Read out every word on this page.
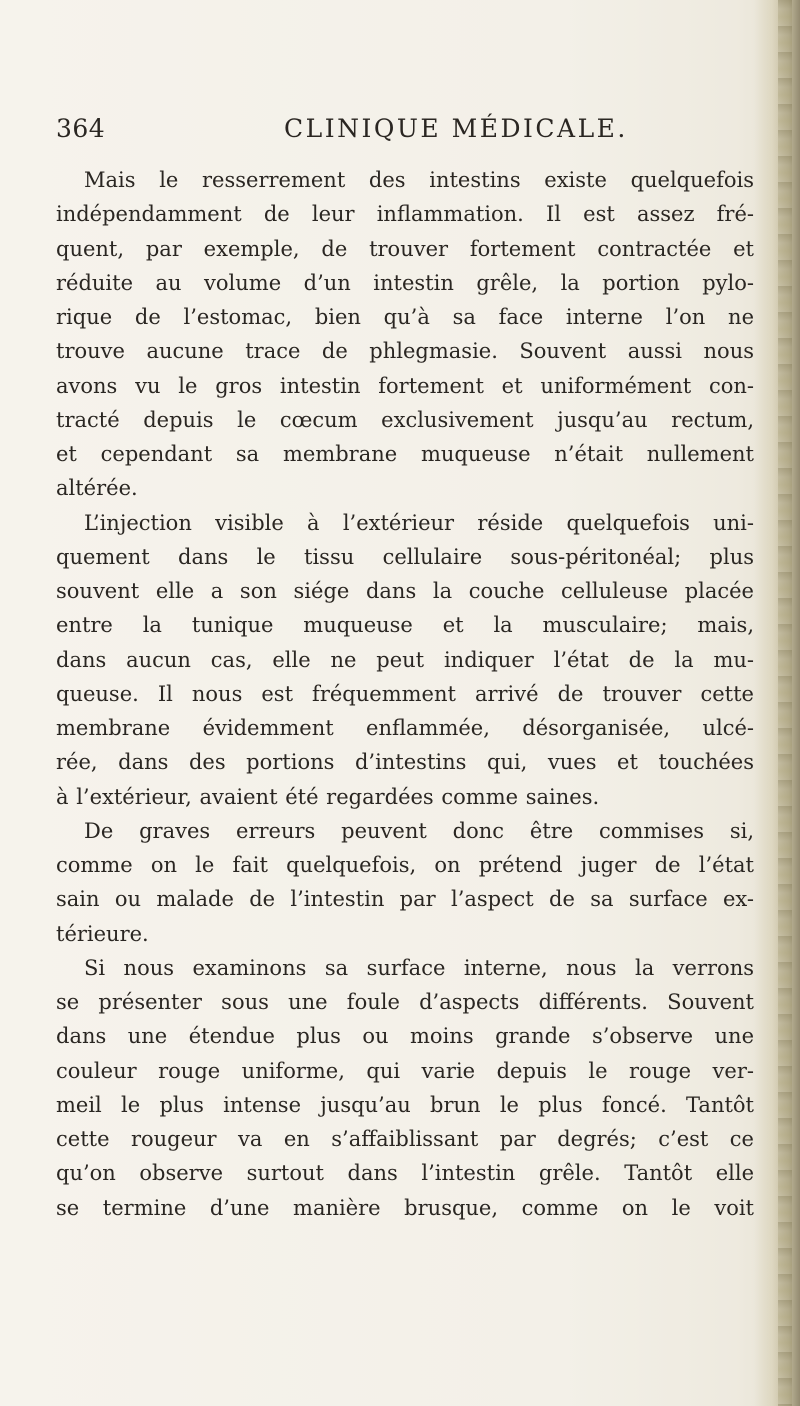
364	CLINIQUE MÉDICALE.
Mais le resserrement des intestins existe quelquefois
indépendamment de leur inflammation. Il est assez fré-
quent, par exemple, de trouver fortement contractée et
réduite au volume d’un intestin grêle, la portion pylo-
rique de l’estomac, bien qu’à sa face interne l’on ne
trouve aucune trace de phlegmasie. Souvent aussi nous
avons vu le gros intestin fortement et uniformément con-
tracté depuis le cœcum exclusivement jusqu’au rectum,
et cependant sa membrane muqueuse n’était nullement
altérée.
L’injection visible à l’extérieur réside quelquefois uni-
quement dans le tissu cellulaire sous-péritonéal; plus
souvent elle a son siége dans la couche celluleuse placée
entre la tunique muqueuse et la musculaire; mais,
dans aucun cas, elle ne peut indiquer l’état de la mu-
queuse. Il nous est fréquemment arrivé de trouver cette
membrane évidemment enflammée, désorganisée, ulcé-
rée, dans des portions d’intestins qui, vues et touchées
à l’extérieur, avaient été regardées comme saines.
De graves erreurs peuvent donc être commises si,
comme on le fait quelquefois, on prétend juger de l’état
sain ou malade de l’intestin par l’aspect de sa surface ex-
térieure.
Si nous examinons sa surface interne, nous la verrons
se présenter sous une foule d’aspects différents. Souvent
dans une étendue plus ou moins grande s’observe une
couleur rouge uniforme, qui varie depuis le rouge ver-
meil le plus intense jusqu’au brun le plus foncé. Tantôt
cette rougeur va en s’affaiblissant par degrés; c’est ce
qu’on observe surtout dans l’intestin grêle. Tantôt elle
se termine d’une manière brusque, comme on le voit
